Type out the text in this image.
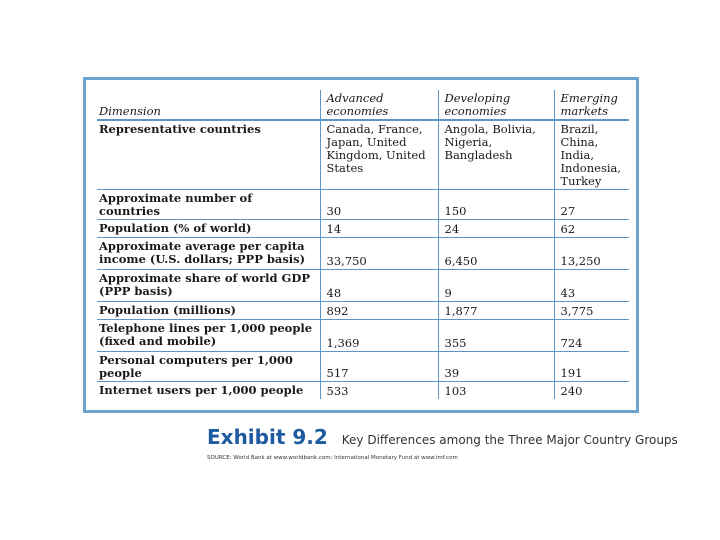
Dimension	Advanced economies	Developing economies	Emerging markets
Representative countries	Canada, France, Japan, United Kingdom, United States	Angola, Bolivia, Nigeria, Bangladesh	Brazil, China, India, Indonesia, Turkey
Approximate number of countries	30	150	27
Population (% of world)	14	24	62
Approximate average per capita income (U.S. dollars; PPP basis)	33,750	6,450	13,250
Approximate share of world GDP (PPP basis)	48	9	43
Population (millions)	892	1,877	3,775
Telephone lines per 1,000 people (fixed and mobile)	1,369	355	724
Personal computers per 1,000 people	517	39	191
Internet users per 1,000 people	533	103	240
Exhibit 9.2 Key Differences among the Three Major Country Groups
SOURCE: World Bank at www.worldbank.com; International Monetary Fund at www.imf.com
